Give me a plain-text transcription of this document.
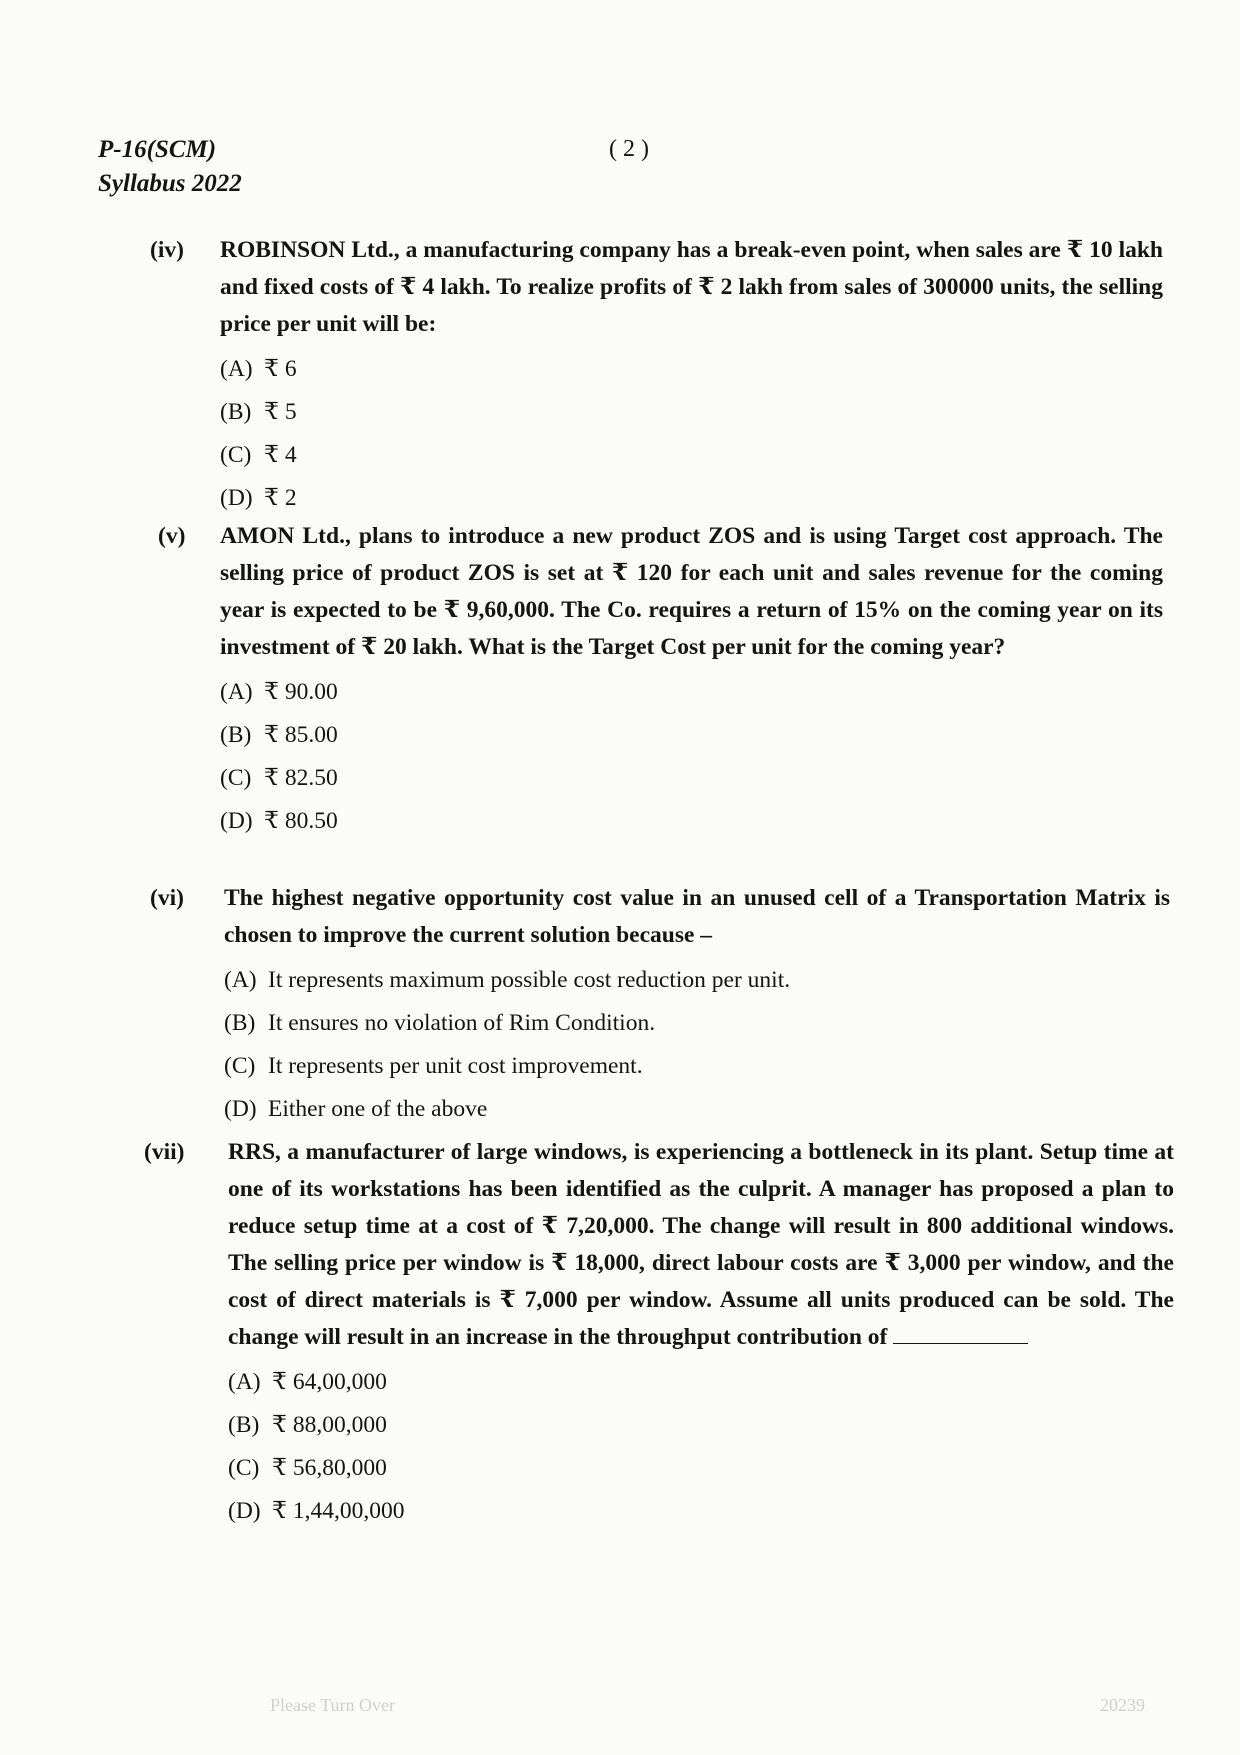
P-16(SCM)
Syllabus 2022
( 2 )
(iv) ROBINSON Ltd., a manufacturing company has a break-even point, when sales are ₹ 10 lakh and fixed costs of ₹ 4 lakh. To realize profits of ₹ 2 lakh from sales of 300000 units, the selling price per unit will be:
(A) ₹ 6
(B) ₹ 5
(C) ₹ 4
(D) ₹ 2
(v) AMON Ltd., plans to introduce a new product ZOS and is using Target cost approach. The selling price of product ZOS is set at ₹ 120 for each unit and sales revenue for the coming year is expected to be ₹ 9,60,000. The Co. requires a return of 15% on the coming year on its investment of ₹ 20 lakh. What is the Target Cost per unit for the coming year?
(A) ₹ 90.00
(B) ₹ 85.00
(C) ₹ 82.50
(D) ₹ 80.50
(vi) The highest negative opportunity cost value in an unused cell of a Transportation Matrix is chosen to improve the current solution because –
(A) It represents maximum possible cost reduction per unit.
(B) It ensures no violation of Rim Condition.
(C) It represents per unit cost improvement.
(D) Either one of the above
(vii) RRS, a manufacturer of large windows, is experiencing a bottleneck in its plant. Setup time at one of its workstations has been identified as the culprit. A manager has proposed a plan to reduce setup time at a cost of ₹ 7,20,000. The change will result in 800 additional windows. The selling price per window is ₹ 18,000, direct labour costs are ₹ 3,000 per window, and the cost of direct materials is ₹ 7,000 per window. Assume all units produced can be sold. The change will result in an increase in the throughput contribution of
(A) ₹ 64,00,000
(B) ₹ 88,00,000
(C) ₹ 56,80,000
(D) ₹ 1,44,00,000
Please Turn Over	20239
